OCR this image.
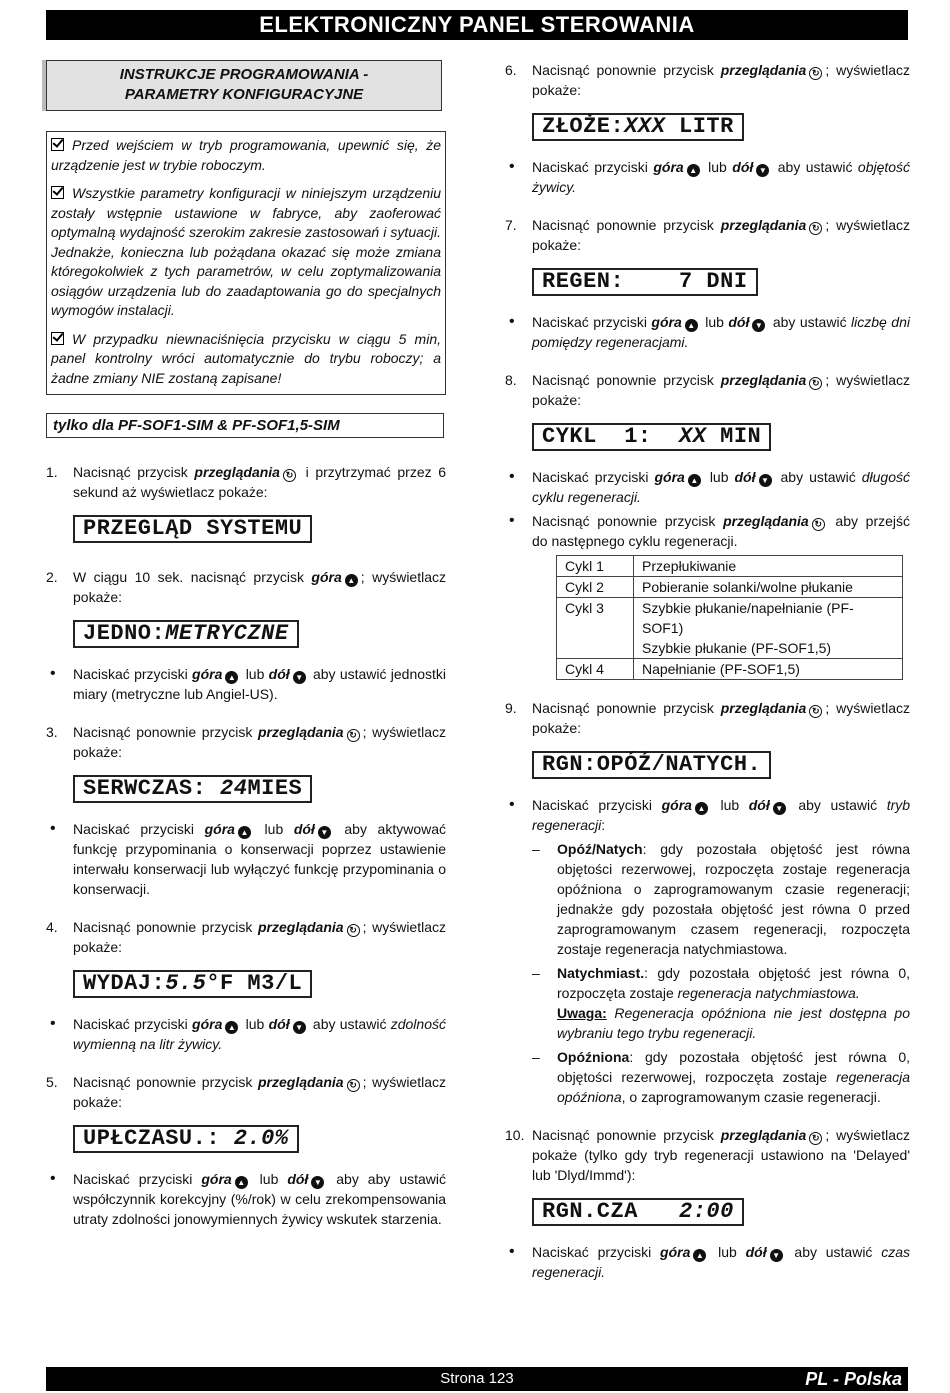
ELEKTRONICZNY PANEL STEROWANIA
INSTRUKCJE PROGRAMOWANIA -
PARAMETRY KONFIGURACYJNE

Przed wejściem w tryb programowania, upewnić się, że urządzenie jest w trybie roboczym.

Wszystkie parametry konfiguracji w niniejszym urządzeniu zostały wstępnie ustawione w fabryce, aby zaoferować optymalną wydajność szerokim zakresie zastosowań i sytuacji. Jednakże, konieczna lub pożądana okazać się może zmiana któregokolwiek z tych parametrów, w celu zoptymalizowania osiągów urządzenia lub do zaadaptowania go do specjalnych wymogów instalacji.

W przypadku niewnaciśnięcia przycisku w ciągu 5 min, panel kontrolny wróci automatycznie do trybu roboczy; a żadne zmiany NIE zostaną zapisane!

tylko dla PF-SOF1-SIM & PF-SOF1,5-SIM
1. Nacisnąć przycisk przeglądania ↻ i przytrzymać przez 6 sekund aż wyświetlacz pokaże:
PRZEGLĄD SYSTEMU
2. W ciągu 10 sek. nacisnąć przycisk góra ▲ ; wyświetlacz pokaże:
JEDNO:METRYCZNE
• Naciskać przyciski góra ▲ lub dół ▼ aby ustawić jednostki miary (metryczne lub Angiel-US).
3. Nacisnąć ponownie przycisk przeglądania ↻ ; wyświetlacz pokaże:
SERWCZAS: 24MIES
• Naciskać przyciski góra ▲ lub dół ▼ aby aktywować funkcję przypominania o konserwacji poprzez ustawienie interwału konserwacji lub wyłączyć funkcję przypominania o konserwacji.
4. Nacisnąć ponownie przycisk przeglądania ↻ ; wyświetlacz pokaże:
WYDAJ:5.5°F M3/L
• Naciskać przyciski góra ▲ lub dół ▼ aby ustawić zdolność wymienną na litr żywicy.
5. Nacisnąć ponownie przycisk przeglądania ↻ ; wyświetlacz pokaże:
UPŁCZASU.: 2.0%
• Naciskać przyciski góra ▲ lub dół ▼ aby aby ustawić współczynnik korekcyjny (%/rok) w celu zrekompensowania utraty zdolności jonowymiennych żywicy wskutek starzenia.
6. Nacisnąć ponownie przycisk przeglądania ↻ ; wyświetlacz pokaże:
ZŁOŻE:XXX LITR
• Naciskać przyciski góra ▲ lub dół ▼ aby ustawić objętość żywicy.
7. Nacisnąć ponownie przycisk przeglądania ↻ ; wyświetlacz pokaże:
REGEN:    7 DNI
• Naciskać przyciski góra ▲ lub dół ▼ aby ustawić liczbę dni pomiędzy regeneracjami.
8. Nacisnąć ponownie przycisk przeglądania ↻ ; wyświetlacz pokaże:
CYKL  1:  XX MIN
• Naciskać przyciski góra ▲ lub dół ▼ aby ustawić długość cyklu regeneracji.
• Nacisnąć ponownie przycisk przeglądania ↻ aby przejść do następnego cyklu regeneracji.
Cykl 1	Przepłukiwanie
Cykl 2	Pobieranie solanki/wolne płukanie
Cykl 3	Szybkie płukanie/napełnianie (PF-SOF1)
Szybkie płukanie (PF-SOF1,5)
Cykl 4	Napełnianie (PF-SOF1,5)
9. Nacisnąć ponownie przycisk przeglądania ↻ ; wyświetlacz pokaże:
RGN:OPÓŹ/NATYCH.
• Naciskać przyciski góra ▲ lub dół ▼ aby ustawić tryb regeneracji:
– Opóź/Natych: gdy pozostała objętość jest równa objętości rezerwowej, rozpoczęta zostaje regeneracja opóźniona o zaprogramowanym czasie regeneracji; jednakże gdy pozostała objętość jest równa 0 przed zaprogramowanym czasem regeneracji, rozpoczęta zostaje regeneracja natychmiastowa.
– Natychmiast.: gdy pozostała objętość jest równa 0, rozpoczęta zostaje regeneracja natychmiastowa.
Uwaga: Regeneracja opóźniona nie jest dostępna po wybraniu tego trybu regeneracji.
– Opóźniona: gdy pozostała objętość jest równa 0, objętości rezerwowej, rozpoczęta zostaje regeneracja opóźniona, o zaprogramowanym czasie regeneracji.
10. Nacisnąć ponownie przycisk przeglądania ↻ ; wyświetlacz pokaże (tylko gdy tryb regeneracji ustawiono na 'Delayed' lub 'Dlyd/Immd'):
RGN.CZA   2:00
• Naciskać przyciski góra ▲ lub dół ▼ aby ustawić czas regeneracji.
Strona 123	PL - Polska
